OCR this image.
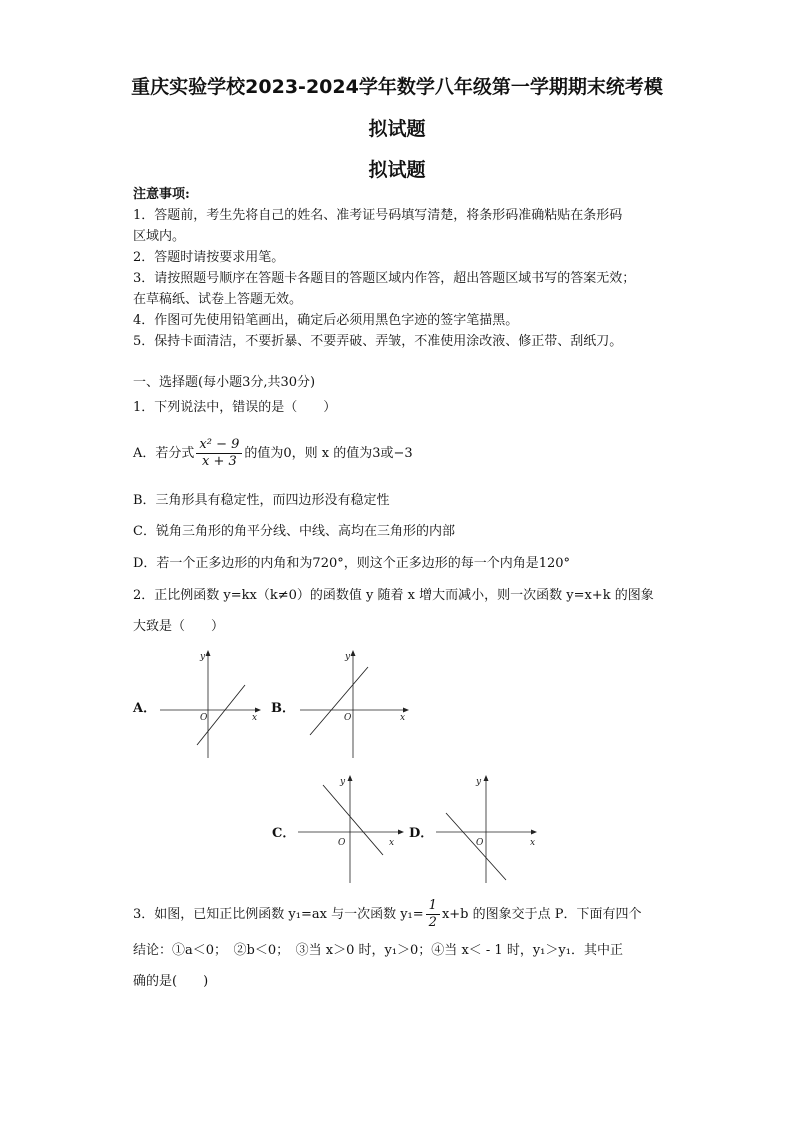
重庆实验学校2023-2024学年数学八年级第一学期期末统考模
拟试题
拟试题
注意事项:
1．答题前，考生先将自己的姓名、准考证号码填写清楚，将条形码准确粘贴在条形码
区域内。
2．答题时请按要求用笔。
3．请按照题号顺序在答题卡各题目的答题区域内作答，超出答题区域书写的答案无效；
在草稿纸、试卷上答题无效。
4．作图可先使用铅笔画出，确定后必须用黑色字迹的签字笔描黑。
5．保持卡面清洁，不要折暴、不要弄破、弄皱，不准使用涂改液、修正带、刮纸刀。
一、选择题(每小题3分,共30分)
1．下列说法中，错误的是（　　）
A．若分式 $\frac{\text{x² − 9}}{x + 3}$ 的值为0，则 x 的值为3或−3
B．三角形具有稳定性，而四边形没有稳定性
C．锐角三角形的角平分线、中线、高均在三角形的内部
D．若一个正多边形的内角和为720°，则这个正多边形的每一个内角是120°
2．正比例函数 y=kx（k≠0）的函数值 y 随着 x 增大而减小，则一次函数 y=x+k 的图象
大致是（　　）
A．
y
x
O
B．
y
x
O
C．
y
x
O
D．
y
x
O
3．如图，已知正比例函数 y₁=ax 与一次函数 $y_1= \frac{1}{2} x+b$ 的图象交于点 P．下面有四个
结论：①a＜0；　②b＜0；　③当 x＞0 时，y₁＞0；④当 x＜ - 1 时，y₁＞y₁．其中正
确的是(　　)
